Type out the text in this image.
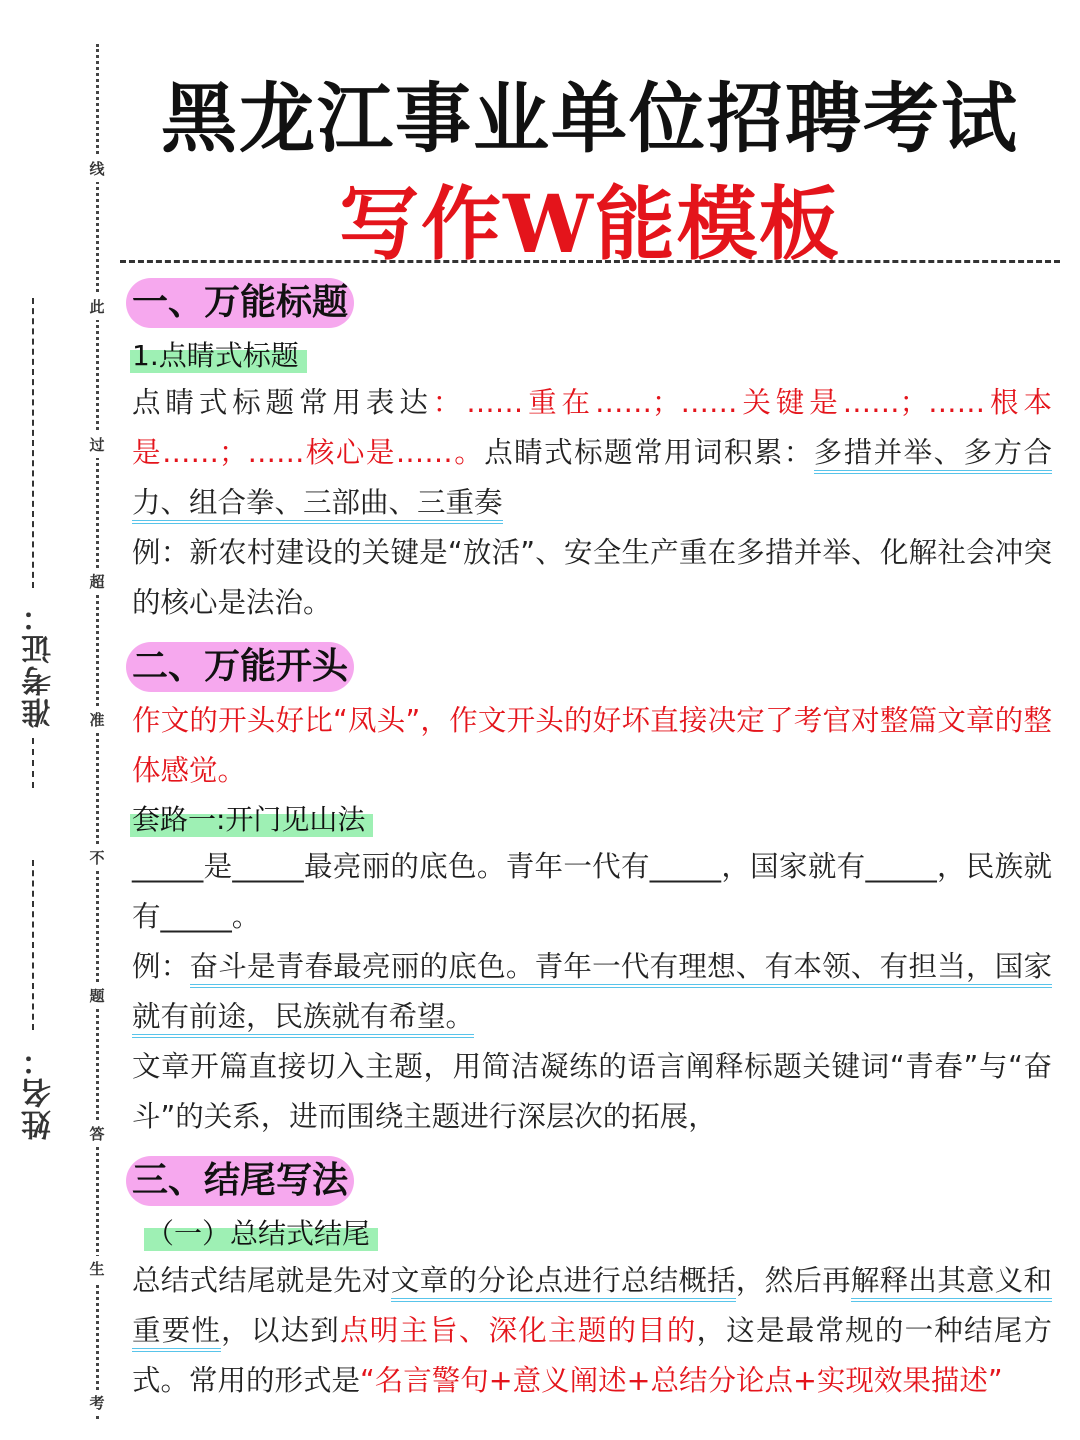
线
此
过
超
准
不
题
答
生
考
准考证：
姓名：
黑龙江事业单位招聘考试
写作W能模板
一、万能标题
1.点睛式标题
点睛式标题常用表达：……重在……；……关键是……；……根本是……；……核心是……。点睛式标题常用词积累：多措并举、多方合力、组合拳、三部曲、三重奏
例：新农村建设的关键是“放活”、安全生产重在多措并举、化解社会冲突的核心是法治。
二、万能开头
作文的开头好比“凤头”，作文开头的好坏直接决定了考官对整篇文章的整体感觉。
套路一:开门见山法
_____是_____最亮丽的底色。青年一代有_____，国家就有_____，民族就有_____。
例：奋斗是青春最亮丽的底色。青年一代有理想、有本领、有担当，国家就有前途，民族就有希望。
文章开篇直接切入主题，用简洁凝练的语言阐释标题关键词“青春”与“奋斗”的关系，进而围绕主题进行深层次的拓展，
三、结尾写法
（一）总结式结尾
总结式结尾就是先对文章的分论点进行总结概括，然后再解释出其意义和重要性，以达到点明主旨、深化主题的目的，这是最常规的一种结尾方式。常用的形式是“名言警句+意义阐述+总结分论点+实现效果描述”
